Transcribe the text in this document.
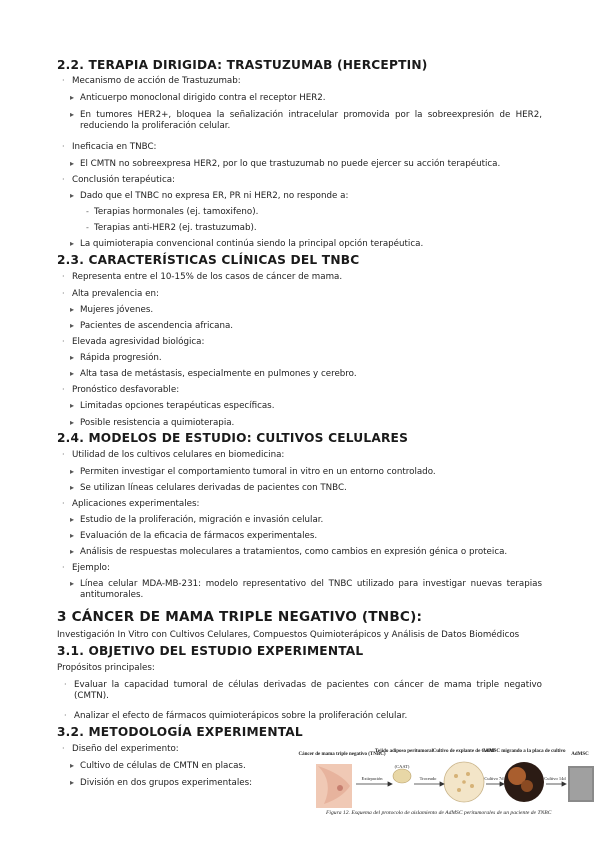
2.2. TERAPIA DIRIGIDA: TRASTUZUMAB (HERCEPTIN)
· Mecanismo de acción de Trastuzumab:
▸ Anticuerpo monoclonal dirigido contra el receptor HER2.
▸ En tumores HER2+, bloquea la señalización intracelular promovida por la sobreexpresión de HER2, reduciendo la proliferación celular.
· Ineficacia en TNBC:
▸ El CMTN no sobreexpresa HER2, por lo que trastuzumab no puede ejercer su acción terapéutica.
· Conclusión terapéutica:
▸ Dado que el TNBC no expresa ER, PR ni HER2, no responde a:
- Terapias hormonales (ej. tamoxifeno).
- Terapias anti-HER2 (ej. trastuzumab).
▸ La quimioterapia convencional continúa siendo la principal opción terapéutica.
2.3. CARACTERÍSTICAS CLÍNICAS DEL TNBC
· Representa entre el 10-15% de los casos de cáncer de mama.
· Alta prevalencia en:
▸ Mujeres jóvenes.
▸ Pacientes de ascendencia africana.
· Elevada agresividad biológica:
▸ Rápida progresión.
▸ Alta tasa de metástasis, especialmente en pulmones y cerebro.
· Pronóstico desfavorable:
▸ Limitadas opciones terapéuticas específicas.
▸ Posible resistencia a quimioterapia.
2.4. MODELOS DE ESTUDIO: CULTIVOS CELULARES
· Utilidad de los cultivos celulares en biomedicina:
▸ Permiten investigar el comportamiento tumoral in vitro en un entorno controlado.
▸ Se utilizan líneas celulares derivadas de pacientes con TNBC.
· Aplicaciones experimentales:
▸ Estudio de la proliferación, migración e invasión celular.
▸ Evaluación de la eficacia de fármacos experimentales.
▸ Análisis de respuestas moleculares a tratamientos, como cambios en expresión génica o proteica.
· Ejemplo:
▸ Línea celular MDA-MB-231: modelo representativo del TNBC utilizado para investigar nuevas terapias antitumorales.
3 CÁNCER DE MAMA TRIPLE NEGATIVO (TNBC):
Investigación In Vitro con Cultivos Celulares, Compuestos Quimioterápicos y Análisis de Datos Biomédicos
3.1. OBJETIVO DEL ESTUDIO EXPERIMENTAL
Propósitos principales:
· Evaluar la capacidad tumoral de células derivadas de pacientes con cáncer de mama triple negativo (CMTN).
· Analizar el efecto de fármacos quimioterápicos sobre la proliferación celular.
3.2. METODOLOGÍA EXPERIMENTAL
· Diseño del experimento:
▸ Cultivo de células de CMTN en placas.
▸ División en dos grupos experimentales:
Cáncer de mama triple negativo (TNBC)
Tejido adiposo peritumoral Cultivo de explante de CAAT
AdMSC migrando a la placa de cultivo
AdMSC
Extirpación
(CAAT)
Troceado	Cultivo 7d	Cultivo 14d
Figura 12. Esquema del protocolo de aislamiento de AdMSC peritumorales de un paciente de TNBC
